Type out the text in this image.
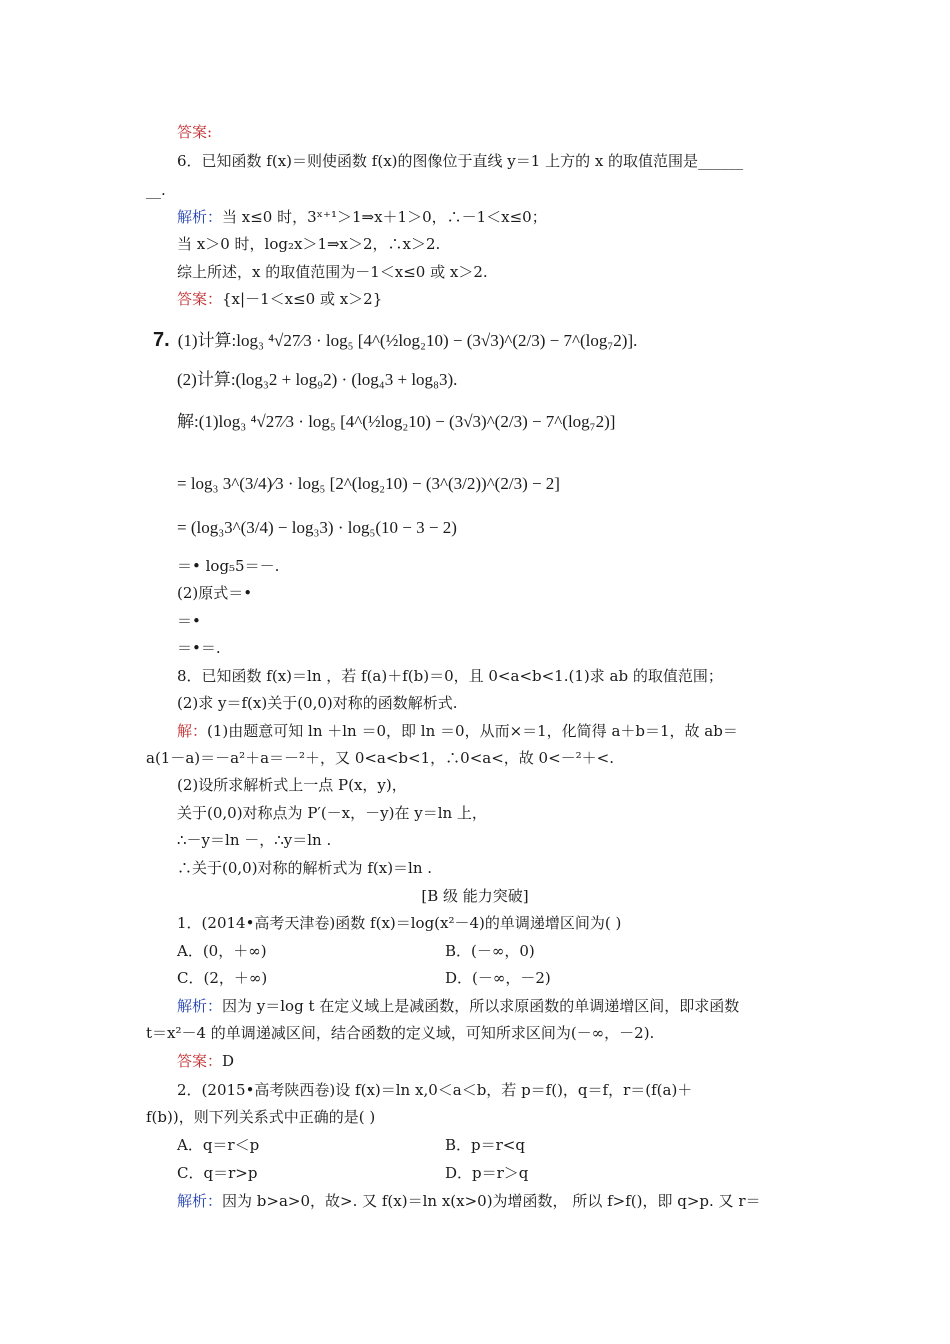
答案:
6．已知函数 f(x)＝则使函数 f(x)的图像位于直线 y＝1 上方的 x 的取值范围是______
__.
解析：当 x≤0 时，3ˣ⁺¹＞1⇒x＋1＞0，∴－1＜x≤0；
当 x＞0 时，log₂x＞1⇒x＞2，∴x＞2.
综上所述，x 的取值范围为－1＜x≤0 或 x＞2.
答案：{x|－1＜x≤0 或 x＞2}
7. (1)计算:log₃ ⁴√27⁄3 · log₅ [4^(½log₂10) − (3√3)^(2/3) − 7^(log₇2)].
(2)计算:(log₃2 + log₉2) · (log₄3 + log₈3).
解:(1)log₃ ⁴√27⁄3 · log₅ [4^(½log₂10) − (3√3)^(2/3) − 7^(log₇2)]
= log₃ 3^(3/4)⁄3 · log₅ [2^(log₂10) − (3^(3/2))^(2/3) − 2]
= (log₃3^(3/4) − log₃3) · log₅(10 − 3 − 2)
＝• log₅5＝－.
(2)原式＝•
＝•
＝•＝.
8．已知函数 f(x)＝ln ，若 f(a)＋f(b)＝0，且 0<a<b<1.(1)求 ab 的取值范围；
(2)求 y＝f(x)关于(0,0)对称的函数解析式.
解：(1)由题意可知 ln ＋ln ＝0，即 ln ＝0，从而×＝1，化简得 a＋b＝1，故 ab＝
a(1－a)＝－a²＋a＝－²＋，又 0<a<b<1，∴0<a<，故 0<－²＋<.
(2)设所求解析式上一点 P(x，y)，
关于(0,0)对称点为 P′(－x，－y)在 y＝ln 上，
∴－y＝ln －，∴y＝ln .
∴关于(0,0)对称的解析式为 f(x)＝ln .
[B 级 能力突破]
1．(2014•高考天津卷)函数 f(x)＝log(x²－4)的单调递增区间为( )
A．(0，＋∞)	B．(－∞，0)
C．(2，＋∞)	D．(－∞，－2)
解析：因为 y＝log t 在定义域上是减函数，所以求原函数的单调递增区间，即求函数
t＝x²－4 的单调递减区间，结合函数的定义域，可知所求区间为(－∞，－2).
答案：D
2．(2015•高考陕西卷)设 f(x)＝ln x,0＜a＜b，若 p＝f()，q＝f，r＝(f(a)＋
f(b))，则下列关系式中正确的是( )
A．q＝r＜p	B．p＝r<q
C．q＝r>p	D．p＝r＞q
解析：因为 b>a>0，故>. 又 f(x)＝ln x(x>0)为增函数， 所以 f>f()，即 q>p. 又 r＝
